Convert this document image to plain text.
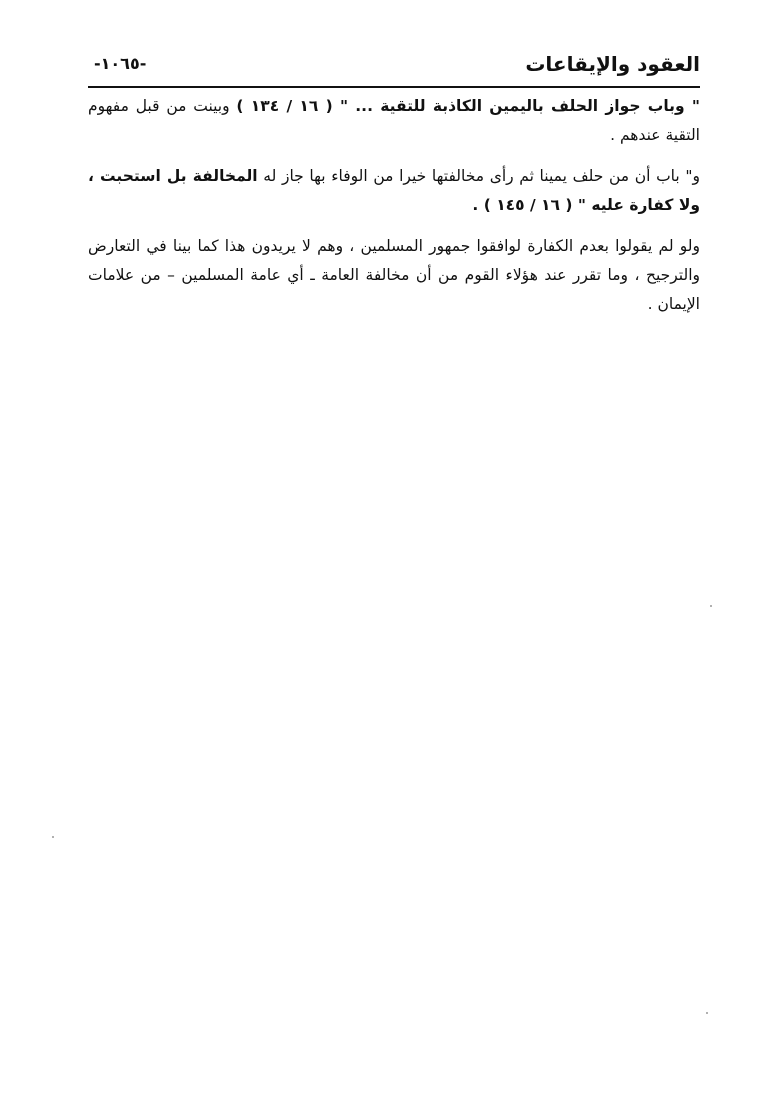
العقود والإيقاعات
-١٠٦٥-

" وباب جواز الحلف باليمين الكاذبة للتقية ... " ( ١٦ / ١٣٤ ) وبينت من قبل مفهوم التقية عندهم .

و" باب أن من حلف يمينا ثم رأى مخالفتها خيرا من الوفاء بها جاز له المخالفة بل استحبت ، ولا كفارة عليه " ( ١٦ / ١٤٥ ) .

ولو لم يقولوا بعدم الكفارة لوافقوا جمهور المسلمين ، وهم لا يريدون هذا كما بينا في التعارض والترجيح ، وما تقرر عند هؤلاء القوم من أن مخالفة العامة ـ أي عامة المسلمين – من علامات الإيمان .
